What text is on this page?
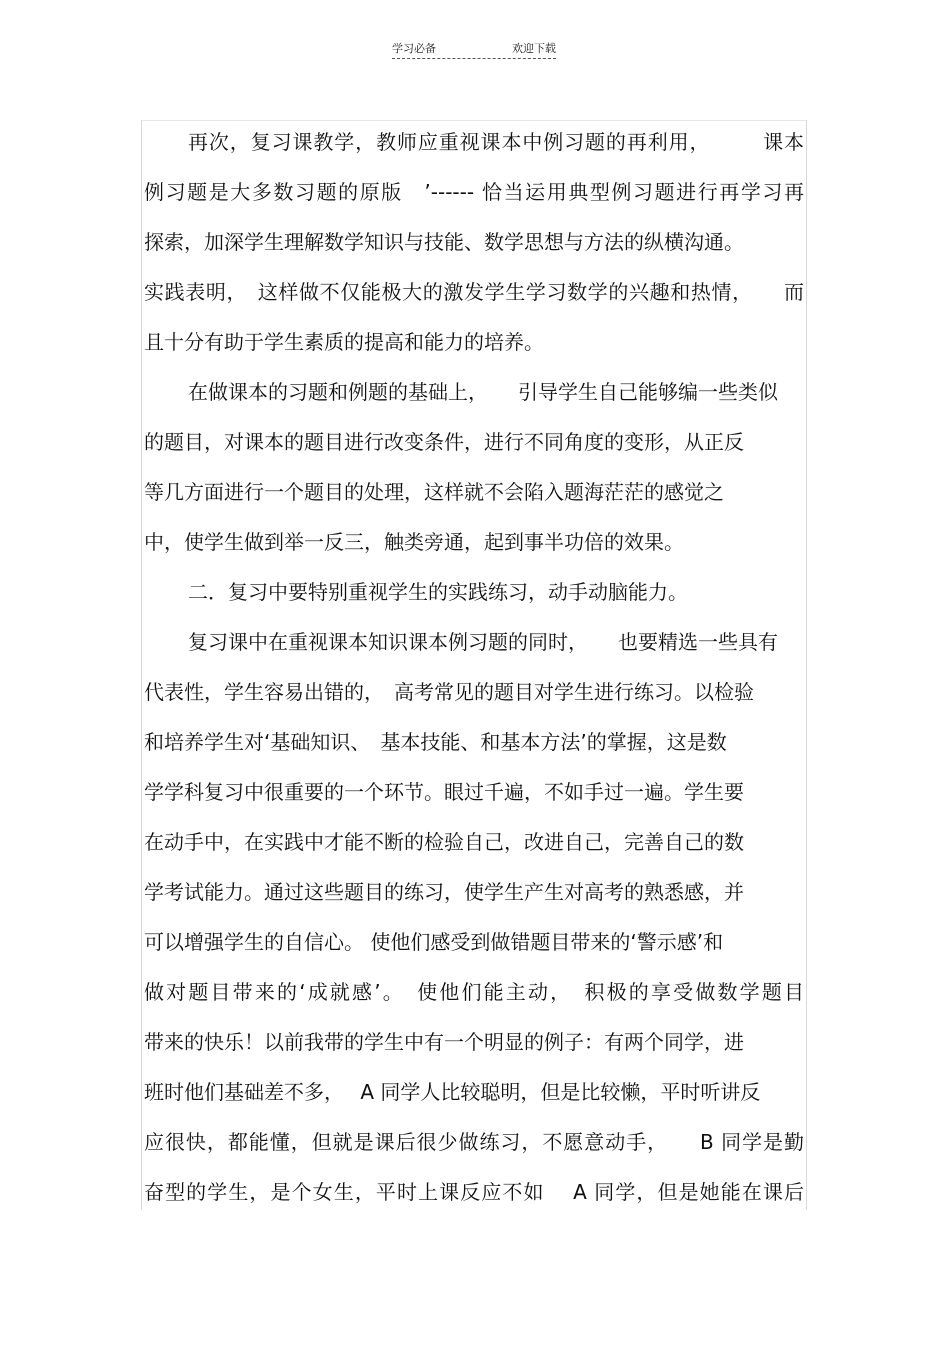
学习必备	欢迎下载
再次，复习课教学，教师应重视课本中例习题的再利用，　　　课本
例习题是大多数习题的原版　’------ 恰当运用典型例习题进行再学习再
探索，加深学生理解数学知识与技能、数学思想与方法的纵横沟通。
实践表明，　这样做不仅能极大的激发学生学习数学的兴趣和热情，　　而
且十分有助于学生素质的提高和能力的培养。
在做课本的习题和例题的基础上，　　引导学生自己能够编一些类似
的题目，对课本的题目进行改变条件，进行不同角度的变形，从正反
等几方面进行一个题目的处理，这样就不会陷入题海茫茫的感觉之
中，使学生做到举一反三，触类旁通，起到事半功倍的效果。
二．复习中要特别重视学生的实践练习，动手动脑能力。
复习课中在重视课本知识课本例习题的同时，　　也要精选一些具有
代表性，学生容易出错的，　高考常见的题目对学生进行练习。以检验
和培养学生对‘基础知识、　基本技能、和基本方法’的掌握，这是数
学学科复习中很重要的一个环节。眼过千遍，不如手过一遍。学生要
在动手中，在实践中才能不断的检验自己，改进自己，完善自己的数
学考试能力。通过这些题目的练习，使学生产生对高考的熟悉感，并
可以增强学生的自信心。 使他们感受到做错题目带来的‘警示感’和
做对题目带来的‘成就感’。　使他们能主动，　积极的享受做数学题目
带来的快乐！以前我带的学生中有一个明显的例子：有两个同学，进
班时他们基础差不多，　 A 同学人比较聪明，但是比较懒，平时听讲反
应很快，都能懂，但就是课后很少做练习，不愿意动手，　　B 同学是勤
奋型的学生，是个女生，平时上课反应不如　 A 同学，但是她能在课后
